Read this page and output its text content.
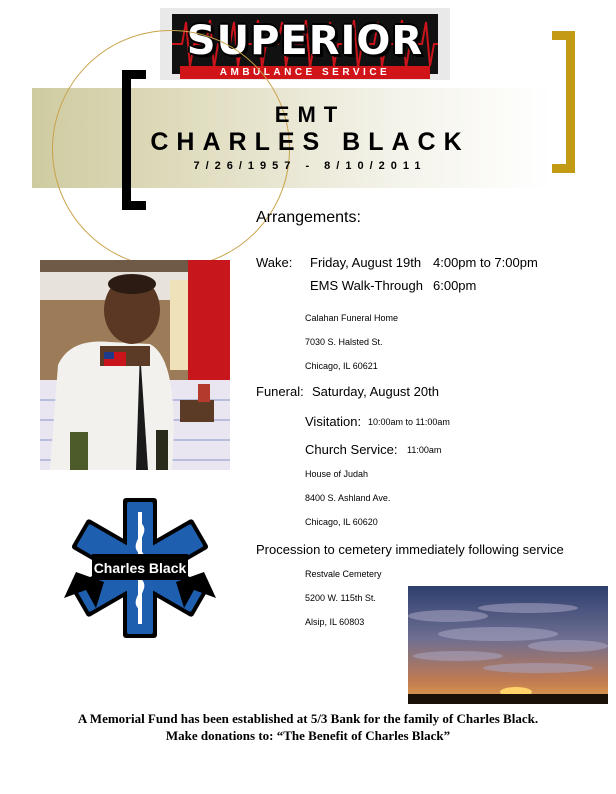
SUPERIOR
AMBULANCE SERVICE
EMT
CHARLES BLACK
7/26/1957 - 8/10/2011
Arrangements:
Wake: Friday, August 19th 4:00pm to 7:00pm
EMS Walk-Through 6:00pm
Calahan Funeral Home
7030 S. Halsted St.
Chicago, IL 60621
Funeral: Saturday, August 20th
Visitation: 10:00am to 11:00am
Church Service: 11:00am
House of Judah
8400 S. Ashland Ave.
Chicago, IL 60620
Procession to cemetery immediately following service
Restvale Cemetery
5200 W. 115th St.
Alsip, IL 60803
Charles Black
A Memorial Fund has been established at 5/3 Bank for the family of Charles Black.
Make donations to: “The Benefit of Charles Black”
